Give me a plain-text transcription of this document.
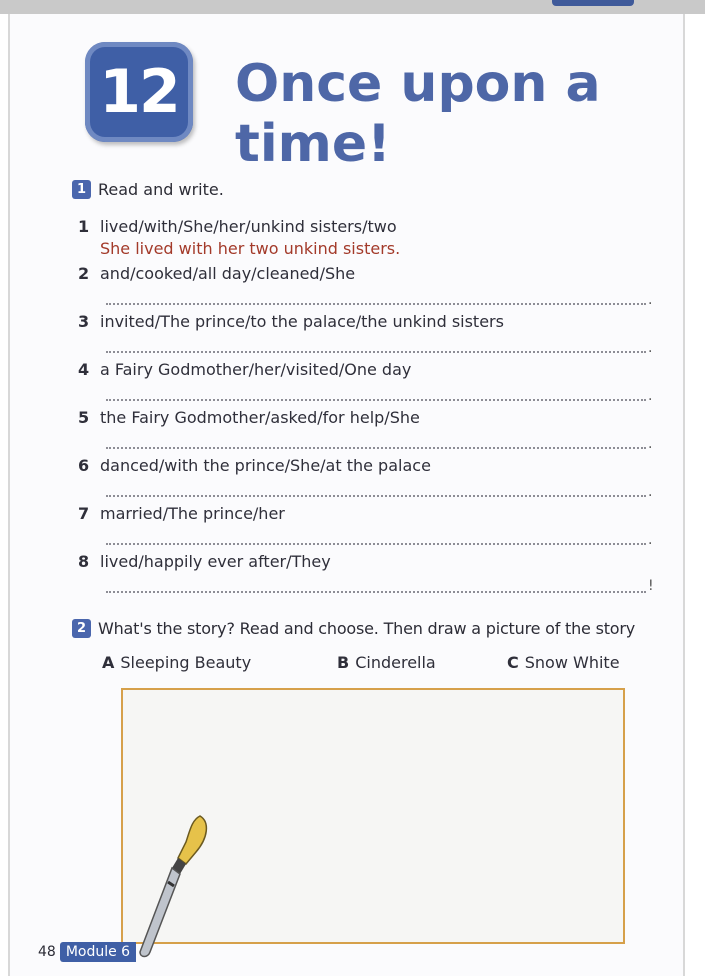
12 Once upon a time!
1 Read and write.
1 lived/with/She/her/unkind sisters/two
She lived with her two unkind sisters.
2 and/cooked/all day/cleaned/She
.
3 invited/The prince/to the palace/the unkind sisters
.
4 a Fairy Godmother/her/visited/One day
.
5 the Fairy Godmother/asked/for help/She
.
6 danced/with the prince/She/at the palace
.
7 married/The prince/her
.
8 lived/happily ever after/They
!
2 What's the story? Read and choose. Then draw a picture of the story
A Sleeping Beauty	B Cinderella	C Snow White
48 Module 6
